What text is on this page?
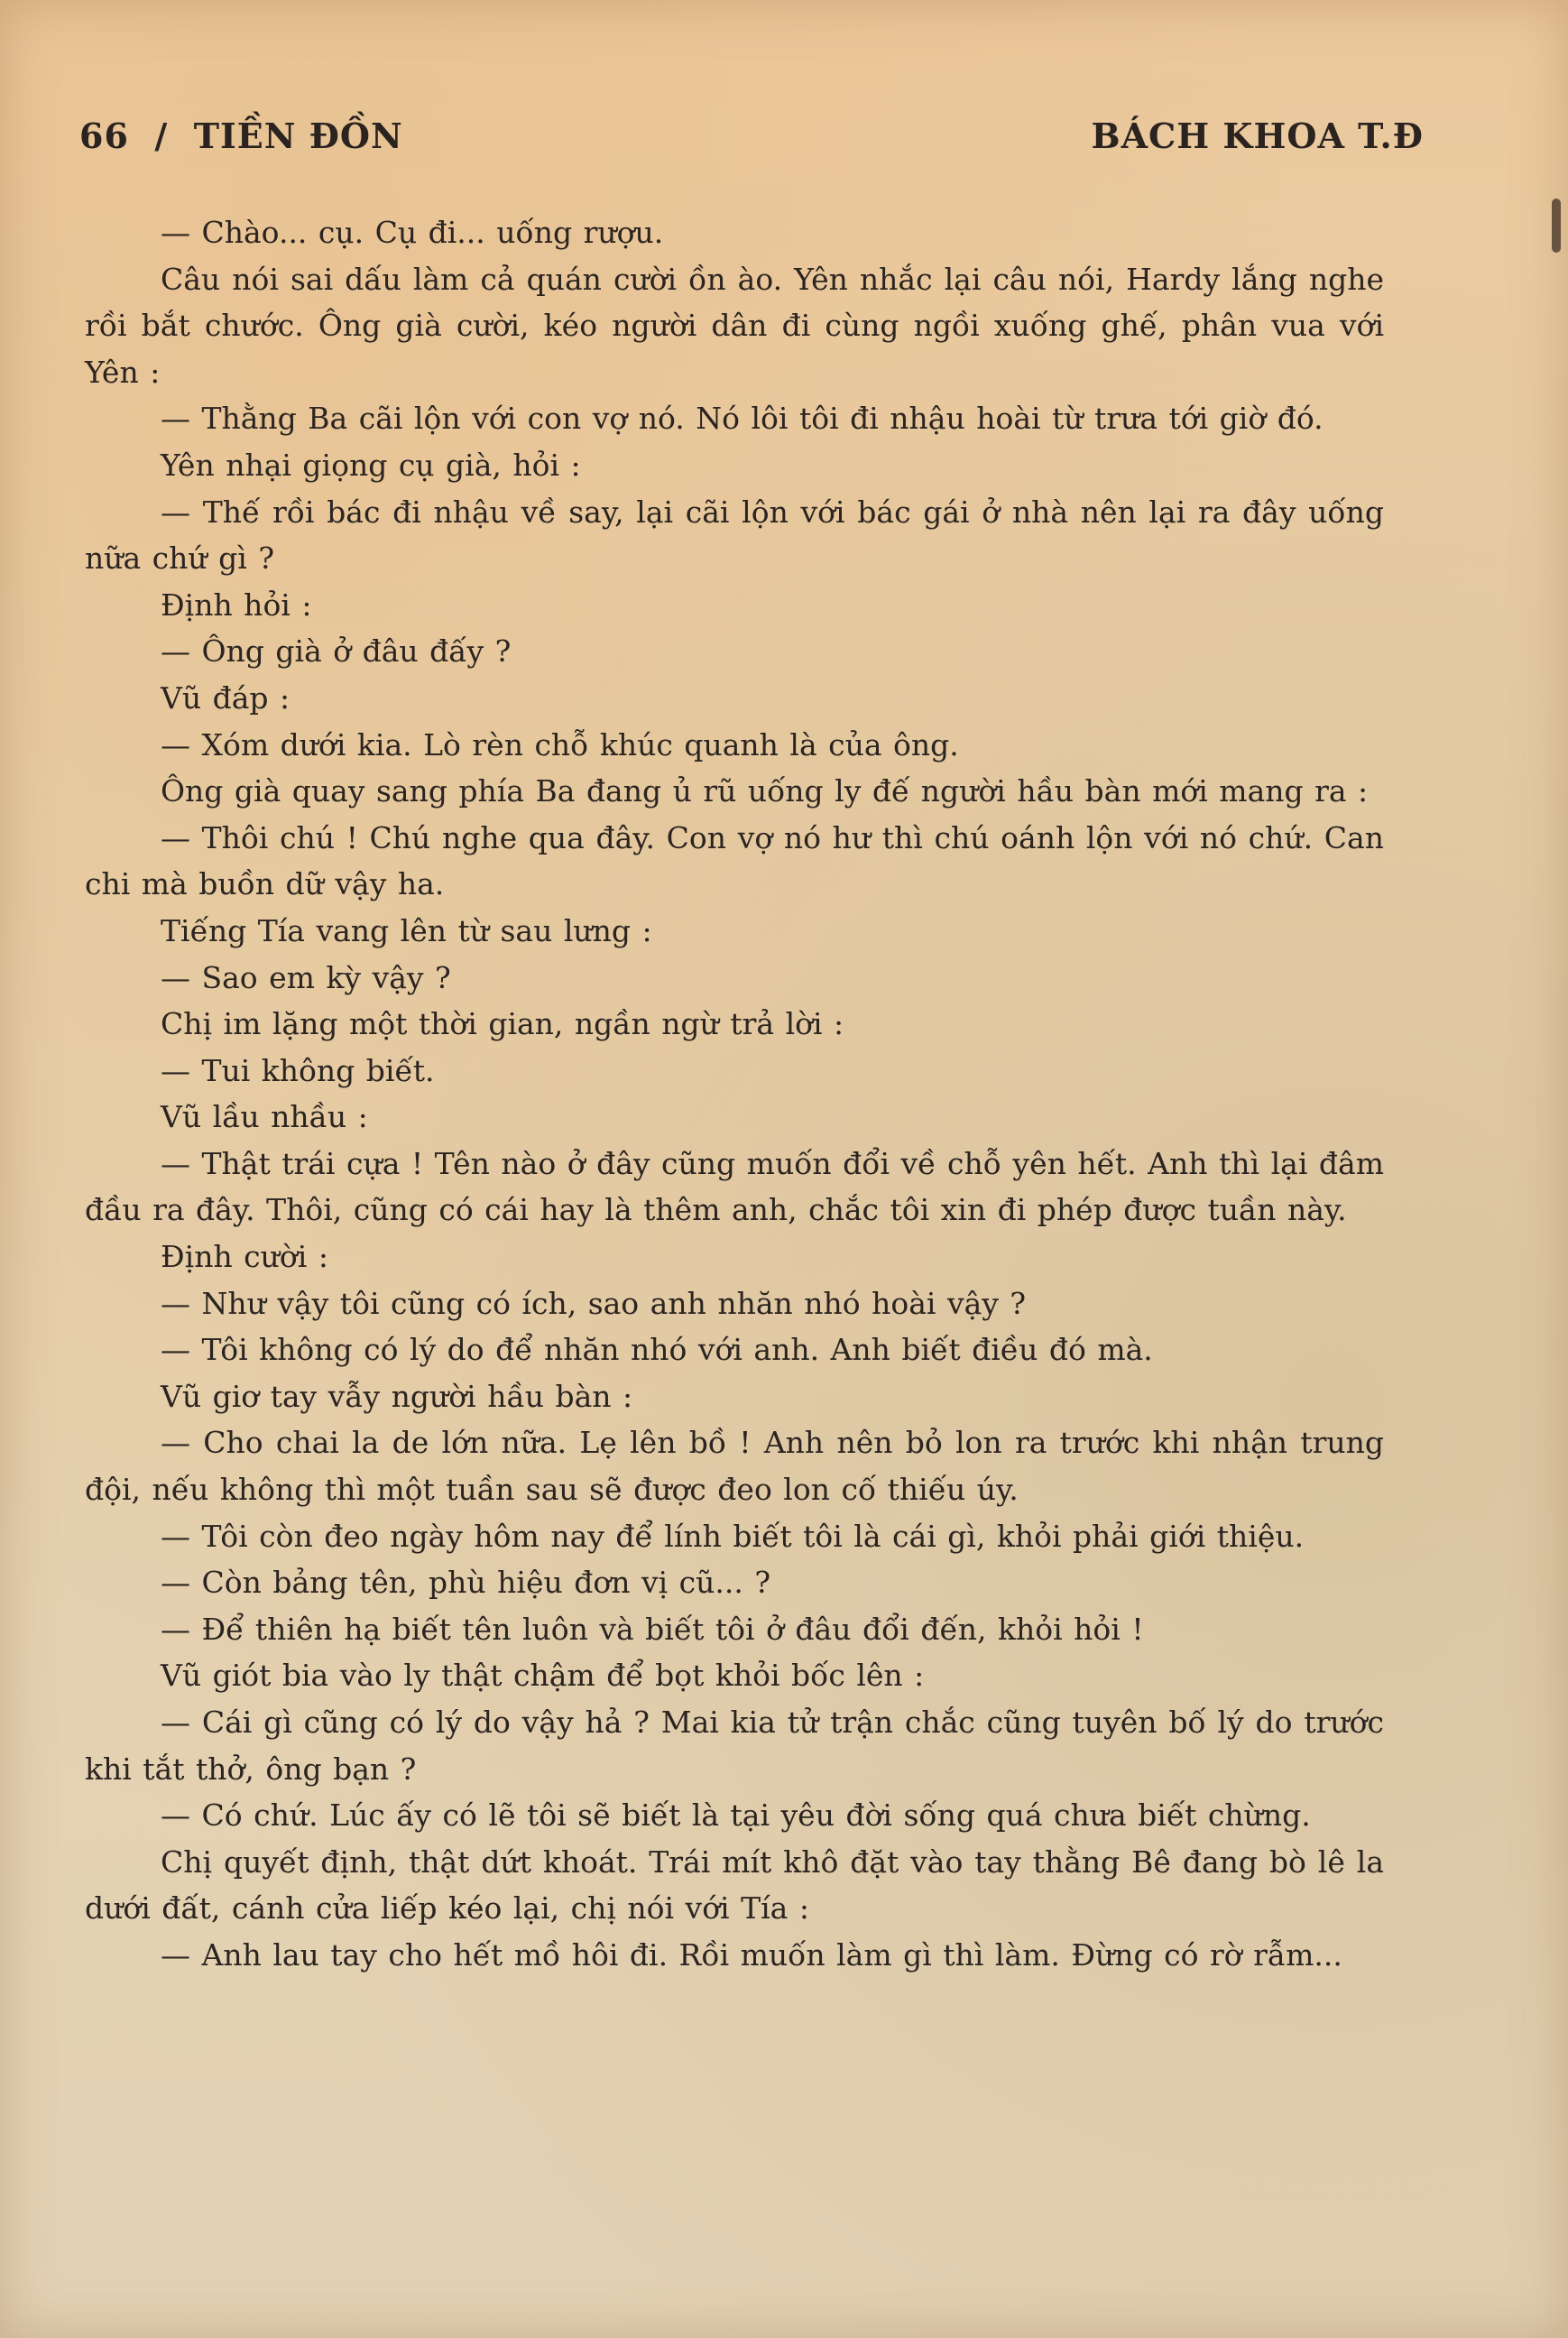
66 / TIỀN ĐỒN	BÁCH KHOA T.Đ

— Chào... cụ. Cụ đi... uống rượu.

Câu nói sai dấu làm cả quán cười ồn ào. Yên nhắc lại câu nói, Hardy lắng nghe rồi bắt chước. Ông già cười, kéo người dân đi cùng ngồi xuống ghế, phân vua với Yên :

— Thằng Ba cãi lộn với con vợ nó. Nó lôi tôi đi nhậu hoài từ trưa tới giờ đó.

Yên nhại giọng cụ già, hỏi :

— Thế rồi bác đi nhậu về say, lại cãi lộn với bác gái ở nhà nên lại ra đây uống nữa chứ gì ?

Định hỏi :

— Ông già ở đâu đấy ?

Vũ đáp :

— Xóm dưới kia. Lò rèn chỗ khúc quanh là của ông.

Ông già quay sang phía Ba đang ủ rũ uống ly đế người hầu bàn mới mang ra :

— Thôi chú ! Chú nghe qua đây. Con vợ nó hư thì chú oánh lộn với nó chứ. Can chi mà buồn dữ vậy ha.

Tiếng Tía vang lên từ sau lưng :

— Sao em kỳ vậy ?

Chị im lặng một thời gian, ngần ngừ trả lời :

— Tui không biết.

Vũ lầu nhầu :

— Thật trái cựa ! Tên nào ở đây cũng muốn đổi về chỗ yên hết. Anh thì lại đâm đầu ra đây. Thôi, cũng có cái hay là thêm anh, chắc tôi xin đi phép được tuần này.

Định cười :

— Như vậy tôi cũng có ích, sao anh nhăn nhó hoài vậy ?

— Tôi không có lý do để nhăn nhó với anh. Anh biết điều đó mà.

Vũ giơ tay vẫy người hầu bàn :

— Cho chai la de lớn nữa. Lẹ lên bồ ! Anh nên bỏ lon ra trước khi nhận trung đội, nếu không thì một tuần sau sẽ được đeo lon cố thiếu úy.

— Tôi còn đeo ngày hôm nay để lính biết tôi là cái gì, khỏi phải giới thiệu.

— Còn bảng tên, phù hiệu đơn vị cũ... ?

— Để thiên hạ biết tên luôn và biết tôi ở đâu đổi đến, khỏi hỏi !

Vũ giót bia vào ly thật chậm để bọt khỏi bốc lên :

— Cái gì cũng có lý do vậy hả ? Mai kia tử trận chắc cũng tuyên bố lý do trước khi tắt thở, ông bạn ?

— Có chứ. Lúc ấy có lẽ tôi sẽ biết là tại yêu đời sống quá chưa biết chừng.

Chị quyết định, thật dứt khoát. Trái mít khô đặt vào tay thằng Bê đang bò lê la dưới đất, cánh cửa liếp kéo lại, chị nói với Tía :

— Anh lau tay cho hết mồ hôi đi. Rồi muốn làm gì thì làm. Đừng có rờ rẫm...
